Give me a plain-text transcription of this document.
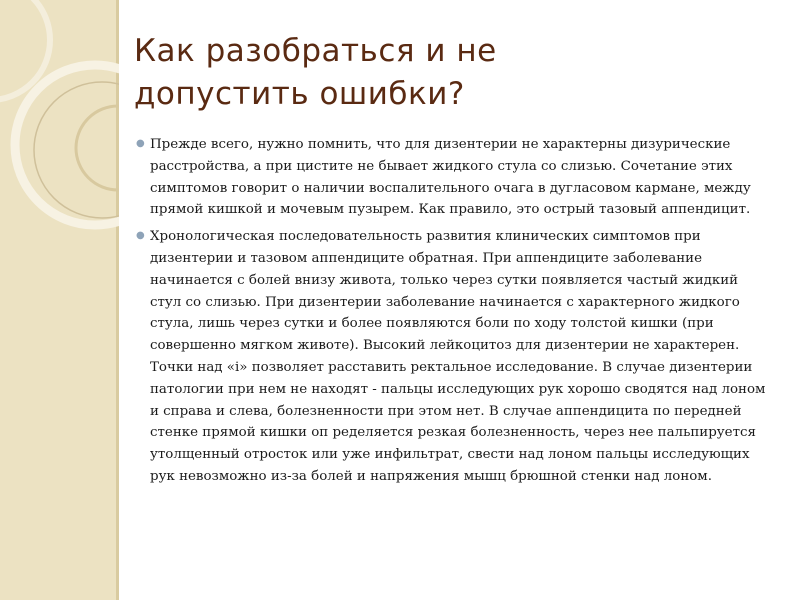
Как разобраться и не
допустить ошибки?
● Прежде всего, нужно помнить, что для дизентерии не характерны дизурические расстройства, а при цистите не бывает жидкого стула со слизью. Сочетание этих симптомов говорит о наличии воспалительного очага в дугласовом кармане, между прямой кишкой и мочевым пузырем. Как правило, это острый тазовый аппендицит.
● Хронологическая последовательность развития клинических симптомов при дизентерии и тазовом аппендиците обратная. При аппендиците заболевание начинается с болей внизу живота, только через сутки появляется частый жидкий стул со слизью. При дизентерии заболевание начинается с характерного жидкого стула, лишь через сутки и более появляются боли по ходу толстой кишки (при совершенно мягком животе). Высокий лейкоцитоз для дизентерии не характерен. Точки над «i» позволяет расставить ректальное исследование. В случае дизентерии патологии при нем не находят - пальцы исследующих рук хорошо сводятся над лоном и справа и слева, болезненности при этом нет. В случае аппендицита по передней стенке прямой кишки оп ределяется резкая болезненность, через нее пальпируется утолщенный отросток или уже инфильтрат, свести над лоном пальцы исследующих рук невозможно из-за болей и напряжения мышц брюшной стенки над лоном.
